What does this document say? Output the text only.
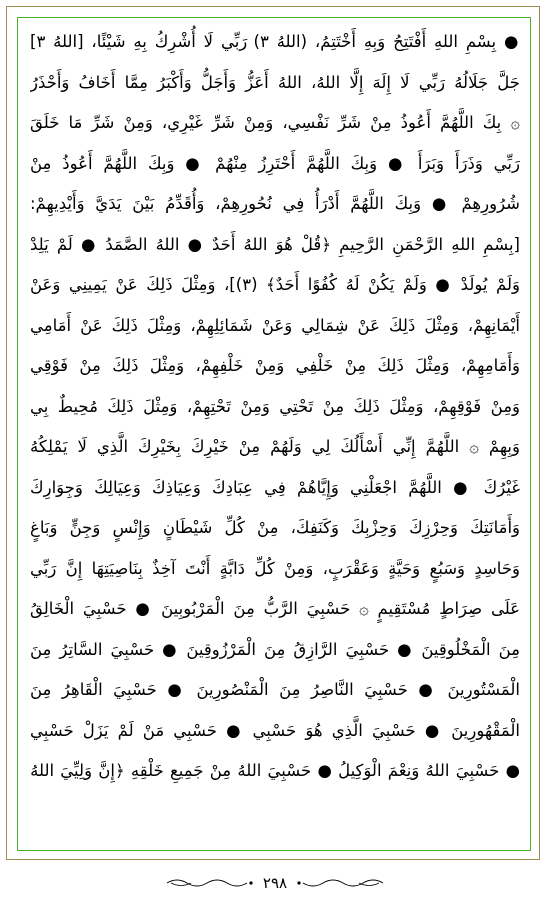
● بِسْمِ اللهِ أَفْتَتِحُ وَبِهِ أَخْتَتِمُ، (اللهُ ٣) رَبِّي لَا أُشْرِكُ بِهِ شَيْئًا، [اللهُ ٣]
جَلَّ جَلَالُهُ رَبِّي لَا إِلَهَ إِلَّا اللهُ، اللهُ أَعَزُّ وَأَجَلُّ وَأَكْبَرُ مِمَّا أَخَافُ وَأَحْذَرُ
۞ بِكَ اللَّهُمَّ أَعُوذُ مِنْ شَرِّ نَفْسِي، وَمِنْ شَرِّ غَيْرِي، وَمِنْ شَرِّ مَا خَلَقَ
رَبِّي وَذَرَأَ وَبَرَأَ ● وَبِكَ اللَّهُمَّ أَحْتَرِزُ مِنْهُمْ ● وَبِكَ اللَّهُمَّ أَعُوذُ مِنْ
شُرُورِهِمْ ● وَبِكَ اللَّهُمَّ أَدْرَأُ فِي نُحُورِهِمْ، وَأُقَدِّمُ بَيْنَ يَدَيَّ وَأَيْدِيهِمْ:
[بِسْمِ اللهِ الرَّحْمَنِ الرَّحِيمِ ﴿قُلْ هُوَ اللهُ أَحَدٌ ● اللهُ الصَّمَدُ ● لَمْ يَلِدْ
وَلَمْ يُولَدْ ● وَلَمْ يَكُنْ لَهُ كُفُوًا أَحَدٌ﴾ (٣)]، وَمِثْلَ ذَلِكَ عَنْ يَمِينِي وَعَنْ
أَيْمَانِهِمْ، وَمِثْلَ ذَلِكَ عَنْ شِمَالِي وَعَنْ شَمَائِلِهِمْ، وَمِثْلَ ذَلِكَ عَنْ أَمَامِي
وَأَمَامِهِمْ، وَمِثْلَ ذَلِكَ مِنْ خَلْفِي وَمِنْ خَلْفِهِمْ، وَمِثْلَ ذَلِكَ مِنْ فَوْقِي
وَمِنْ فَوْقِهِمْ، وَمِثْلَ ذَلِكَ مِنْ تَحْتِي وَمِنْ تَحْتِهِمْ، وَمِثْلَ ذَلِكَ مُحِيطٌ بِي
وَبِهِمْ ۞ اللَّهُمَّ إِنِّي أَسْأَلُكَ لِي وَلَهُمْ مِنْ خَيْرِكَ بِخَيْرِكَ الَّذِي لَا يَمْلِكُهُ
غَيْرُكَ ● اللَّهُمَّ اجْعَلْنِي وَإِيَّاهُمْ فِي عِبَادِكَ وَعِيَاذِكَ وَعِيَالِكَ وَجِوَارِكَ
وَأَمَانَتِكَ وَحِرْزِكَ وَحِزْبِكَ وَكَنَفِكَ، مِنْ كُلِّ شَيْطَانٍ وَإِنْسٍ وَجِنٍّ وَبَاغٍ
وَحَاسِدٍ وَسَبُعٍ وَحَيَّةٍ وَعَقْرَبٍ، وَمِنْ كُلِّ دَابَّةٍ أَنْتَ آخِذٌ بِنَاصِيَتِهَا إِنَّ رَبِّي
عَلَى صِرَاطٍ مُسْتَقِيمٍ ۞ حَسْبِيَ الرَّبُّ مِنَ الْمَرْبُوبِينَ ● حَسْبِيَ الْخَالِقُ
مِنَ الْمَخْلُوقِينَ ● حَسْبِيَ الرَّازِقُ مِنَ الْمَرْزُوقِينَ ● حَسْبِيَ السَّاتِرُ مِنَ
الْمَسْتُورِينَ ● حَسْبِيَ النَّاصِرُ مِنَ الْمَنْصُورِينَ ● حَسْبِيَ الْقَاهِرُ مِنَ
الْمَقْهُورِينَ ● حَسْبِيَ الَّذِي هُوَ حَسْبِي ● حَسْبِي مَنْ لَمْ يَزَلْ حَسْبِي
● حَسْبِيَ اللهُ وَنِعْمَ الْوَكِيلُ ● حَسْبِيَ اللهُ مِنْ جَمِيعِ خَلْقِهِ ﴿إِنَّ وَلِيِّيَ اللهُ
٢٩٨
